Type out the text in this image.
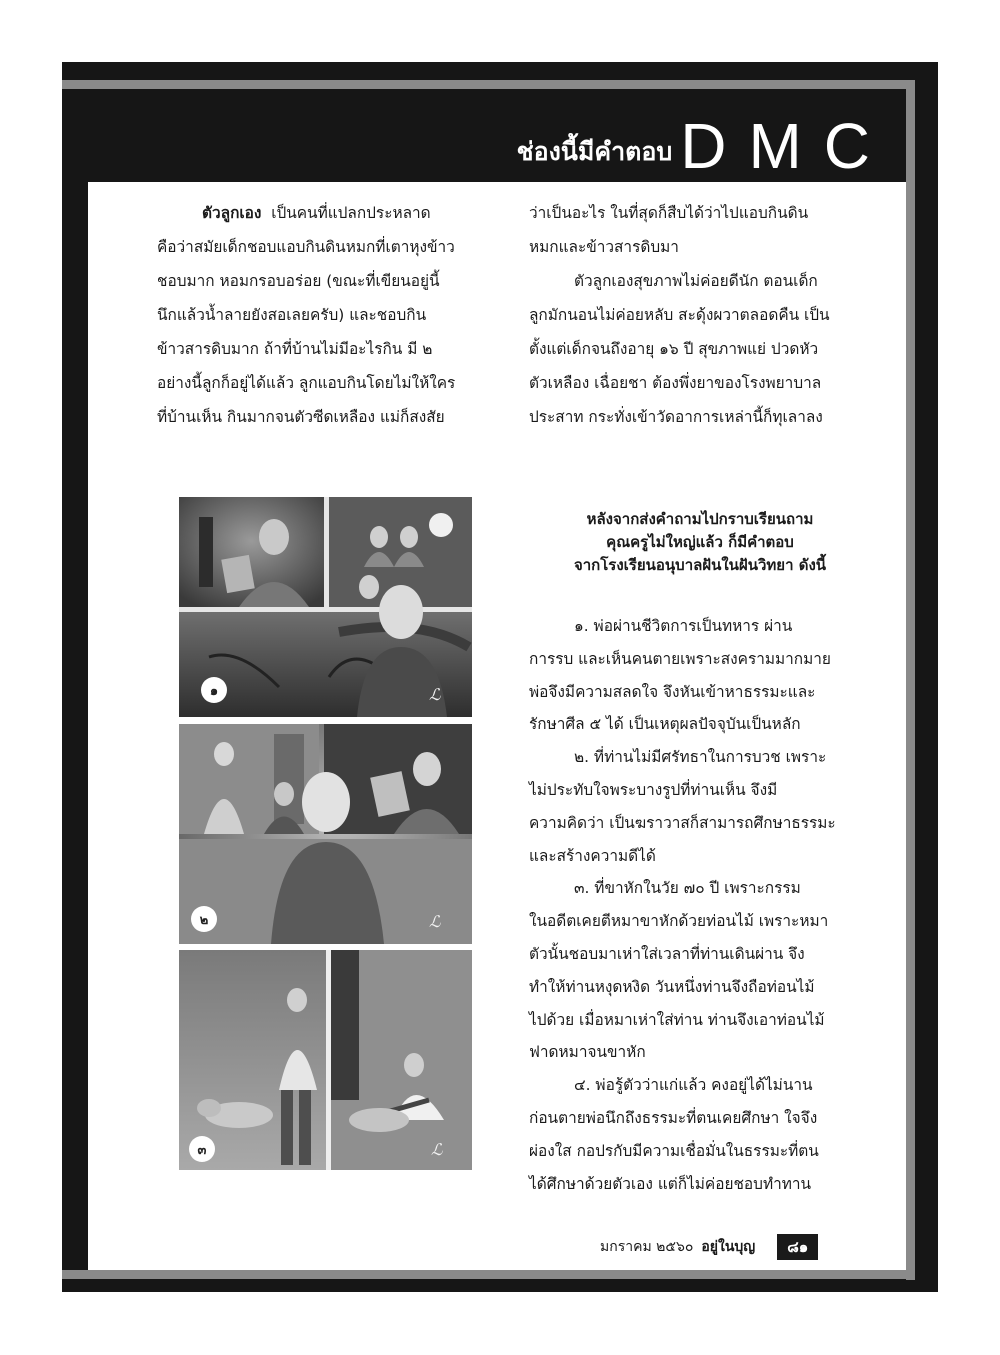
ช่องนี้มีคำตอบ DMC

ตัวลูกเอง เป็นคนที่แปลกประหลาด

คือว่าสมัยเด็กชอบแอบกินดินหมกที่เตาหุงข้าว

ชอบมาก หอมกรอบอร่อย (ขณะที่เขียนอยู่นี้

นึกแล้วน้ำลายยังสอเลยครับ) และชอบกิน

ข้าวสารดิบมาก ถ้าที่บ้านไม่มีอะไรกิน มี ๒

อย่างนี้ลูกก็อยู่ได้แล้ว ลูกแอบกินโดยไม่ให้ใคร

ที่บ้านเห็น กินมากจนตัวซีดเหลือง แม่ก็สงสัย

ว่าเป็นอะไร ในที่สุดก็สืบได้ว่าไปแอบกินดิน

หมกและข้าวสารดิบมา

ตัวลูกเองสุขภาพไม่ค่อยดีนัก ตอนเด็ก

ลูกมักนอนไม่ค่อยหลับ สะดุ้งผวาตลอดคืน เป็น

ตั้งแต่เด็กจนถึงอายุ ๑๖ ปี สุขภาพแย่ ปวดหัว

ตัวเหลือง เฉื่อยชา ต้องพึ่งยาของโรงพยาบาล

ประสาท กระทั่งเข้าวัดอาการเหล่านี้ก็ทุเลาลง

หลังจากส่งคำถามไปกราบเรียนถาม
คุณครูไม่ใหญ่แล้ว ก็มีคำตอบ
จากโรงเรียนอนุบาลฝันในฝันวิทยา ดังนี้

๑. พ่อผ่านชีวิตการเป็นทหาร ผ่าน

การรบ และเห็นคนตายเพราะสงครามมากมาย

พ่อจึงมีความสลดใจ จึงหันเข้าหาธรรมะและ

รักษาศีล ๕ ได้ เป็นเหตุผลปัจจุบันเป็นหลัก

๒. ที่ท่านไม่มีศรัทธาในการบวช เพราะ

ไม่ประทับใจพระบางรูปที่ท่านเห็น จึงมี

ความคิดว่า เป็นฆราวาสก็สามารถศึกษาธรรมะ

และสร้างความดีได้

๓. ที่ขาหักในวัย ๗๐ ปี เพราะกรรม

ในอดีตเคยตีหมาขาหักด้วยท่อนไม้ เพราะหมา

ตัวนั้นชอบมาเห่าใส่เวลาที่ท่านเดินผ่าน จึง

ทำให้ท่านหงุดหงิด วันหนึ่งท่านจึงถือท่อนไม้

ไปด้วย เมื่อหมาเห่าใส่ท่าน ท่านจึงเอาท่อนไม้

ฟาดหมาจนขาหัก

๔. พ่อรู้ตัวว่าแก่แล้ว คงอยู่ได้ไม่นาน

ก่อนตายพ่อนึกถึงธรรมะที่ตนเคยศึกษา ใจจึง

ผ่องใส กอปรกับมีความเชื่อมั่นในธรรมะที่ตน

ได้ศึกษาด้วยตัวเอง แต่ก็ไม่ค่อยชอบทำทาน

๑	ℒ
๒	ℒ
๓	ℒ
มกราคม ๒๕๖๐ อยู่ในบุญ	๘๑
